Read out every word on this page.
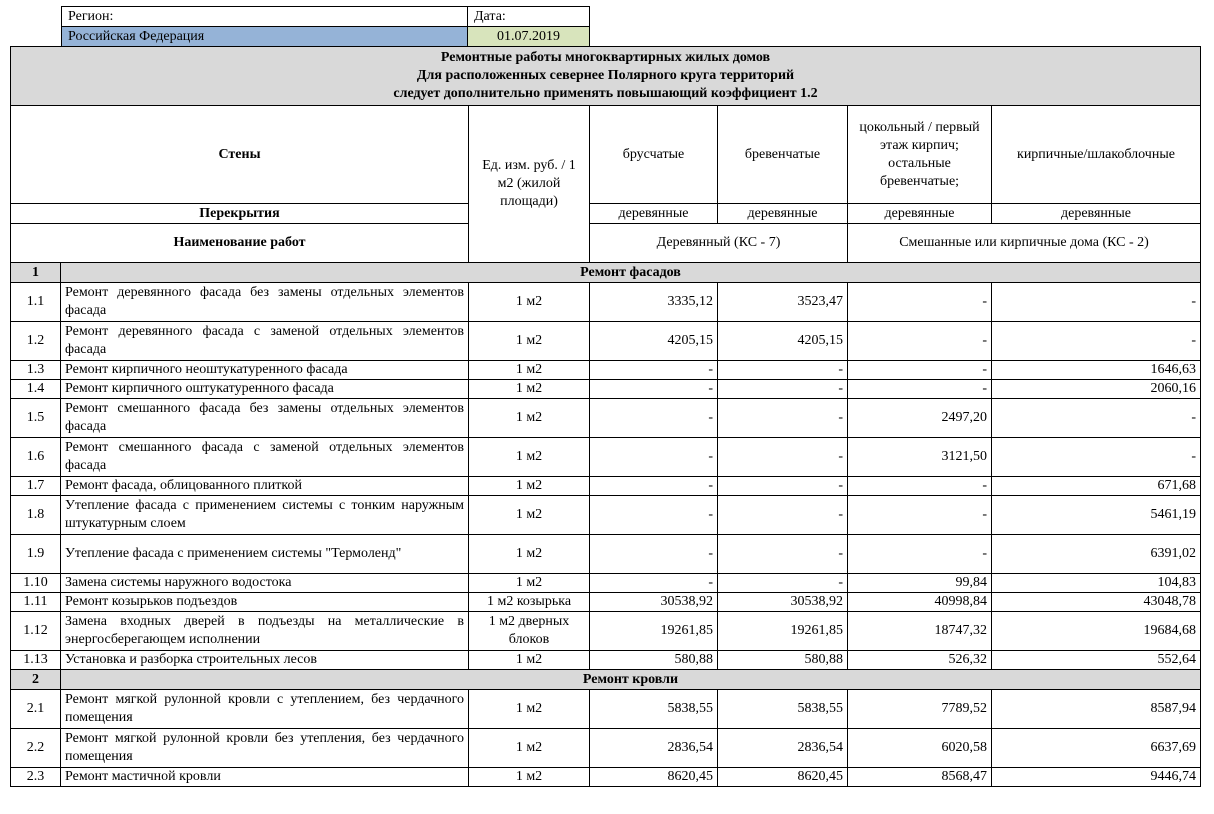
Регион:	Дата:
Российская Федерация	01.07.2019
Ремонтные работы многоквартирных жилых домов
Для расположенных севернее Полярного круга территорий
следует дополнительно применять повышающий коэффициент 1.2						

Стены		Ед. изм. руб. / 1 м2 (жилой площади)	брусчатые	бревенчатые	цокольный / первый этаж кирпич; остальные бревенчатые;	кирпичные/шлакоблочные
Перекрытия			деревянные	деревянные	деревянные	деревянные
Наименование работ			Деревянный (КС - 7)		Смешанные или кирпичные дома (КС - 2)	
1	Ремонт фасадов					
1.1	Ремонт деревянного фасада без замены отдельных элементов фасада	1 м2	3335,12	3523,47	-	-
1.2	Ремонт деревянного фасада с заменой отдельных элементов фасада	1 м2	4205,15	4205,15	-	-
1.3	Ремонт кирпичного неоштукатуренного фасада	1 м2	-	-	-	1646,63
1.4	Ремонт кирпичного оштукатуренного фасада	1 м2	-	-	-	2060,16
1.5	Ремонт смешанного фасада без замены отдельных элементов фасада	1 м2	-	-	2497,20	-
1.6	Ремонт смешанного фасада с заменой отдельных элементов фасада	1 м2	-	-	3121,50	-
1.7	Ремонт фасада, облицованного плиткой	1 м2	-	-	-	671,68
1.8	Утепление фасада с применением системы с тонким наружным штукатурным слоем	1 м2	-	-	-	5461,19
1.9	Утепление фасада с применением системы "Термоленд"	1 м2	-	-	-	6391,02
1.10	Замена системы наружного водостока	1 м2	-	-	99,84	104,83
1.11	Ремонт козырьков подъездов	1 м2 козырька	30538,92	30538,92	40998,84	43048,78
1.12	Замена входных дверей в подъезды на металлические в энергосберегающем исполнении	1 м2 дверных блоков	19261,85	19261,85	18747,32	19684,68
1.13	Установка и разборка строительных лесов	1 м2	580,88	580,88	526,32	552,64
2	Ремонт кровли					
2.1	Ремонт мягкой рулонной кровли с утеплением, без чердачного помещения	1 м2	5838,55	5838,55	7789,52	8587,94
2.2	Ремонт мягкой рулонной кровли без утепления, без чердачного помещения	1 м2	2836,54	2836,54	6020,58	6637,69
2.3	Ремонт мастичной кровли	1 м2	8620,45	8620,45	8568,47	9446,74
